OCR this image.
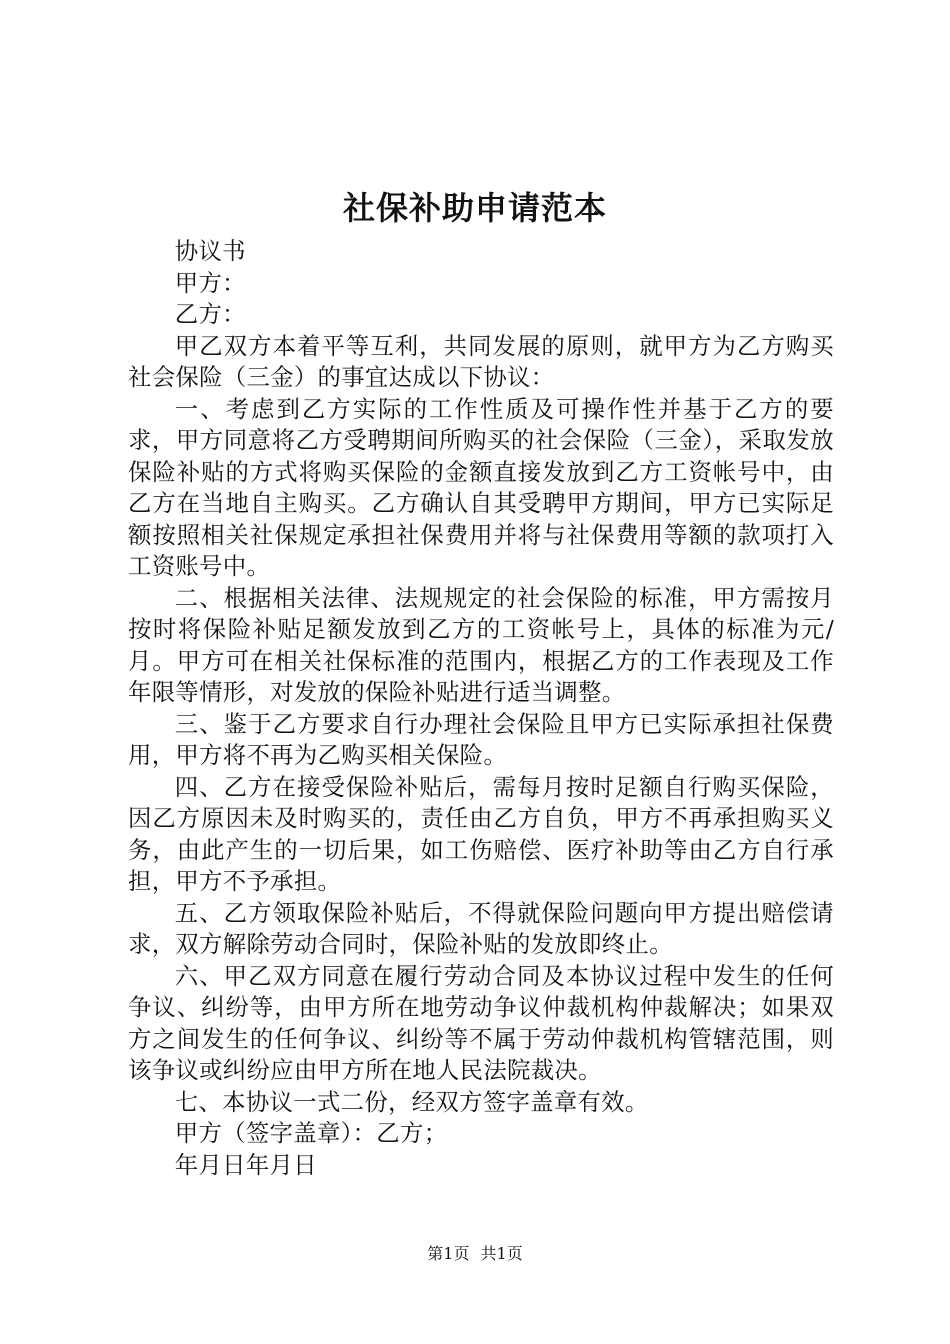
社保补助申请范本

协议书

甲方：

乙方：

甲乙双方本着平等互利，共同发展的原则，就甲方为乙方购买社会保险（三金）的事宜达成以下协议：

一、考虑到乙方实际的工作性质及可操作性并基于乙方的要求，甲方同意将乙方受聘期间所购买的社会保险（三金），采取发放保险补贴的方式将购买保险的金额直接发放到乙方工资帐号中，由乙方在当地自主购买。乙方确认自其受聘甲方期间，甲方已实际足额按照相关社保规定承担社保费用并将与社保费用等额的款项打入工资账号中。

二、根据相关法律、法规规定的社会保险的标准，甲方需按月按时将保险补贴足额发放到乙方的工资帐号上，具体的标准为元/月。甲方可在相关社保标准的范围内，根据乙方的工作表现及工作年限等情形，对发放的保险补贴进行适当调整。

三、鉴于乙方要求自行办理社会保险且甲方已实际承担社保费用，甲方将不再为乙购买相关保险。

四、乙方在接受保险补贴后，需每月按时足额自行购买保险，因乙方原因未及时购买的，责任由乙方自负，甲方不再承担购买义务，由此产生的一切后果，如工伤赔偿、医疗补助等由乙方自行承担，甲方不予承担。

五、乙方领取保险补贴后，不得就保险问题向甲方提出赔偿请求，双方解除劳动合同时，保险补贴的发放即终止。

六、甲乙双方同意在履行劳动合同及本协议过程中发生的任何争议、纠纷等，由甲方所在地劳动争议仲裁机构仲裁解决；如果双方之间发生的任何争议、纠纷等不属于劳动仲裁机构管辖范围，则该争议或纠纷应由甲方所在地人民法院裁决。

七、本协议一式二份，经双方签字盖章有效。

甲方（签字盖章）：乙方；

年月日年月日

第1页 共1页
